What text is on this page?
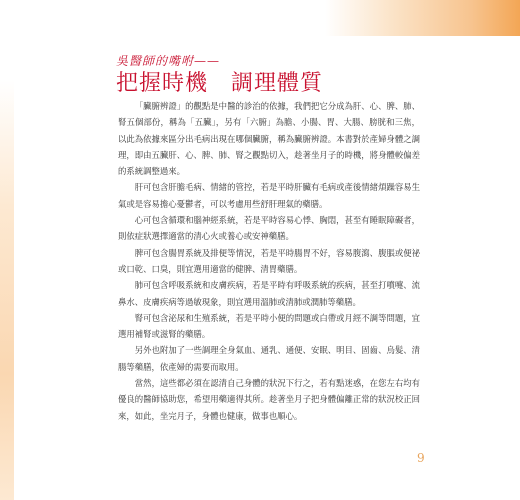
吳醫師的嘴咐——
把握時機　調理體質

「臟腑辨證」的觀點是中醫的診治的依據，我們把它分成為肝、心、脾、肺、腎五個部份，稱為「五臟」，另有「六腑」為膽、小腸、胃、大腸、膀胱和三焦，以此為依據來區分出毛病出現在哪個臟腑，稱為臟腑辨證。本書對於產婦身體之調理，即由五臟肝、心、脾、肺、腎之觀點切入，趁著坐月子的時機，將身體較偏差的系統調整過來。

肝可包含肝膽毛病、情緒的管控，若是平時肝臟有毛病或產後情緒煩躁容易生氣或是容易擔心憂鬱者，可以考慮用些舒肝理氣的藥膳。

心可包含循環和腦神經系統，若是平時容易心悸、胸悶，甚至有睡眠障礙者，則依症狀選擇適當的清心火或養心或安神藥膳。

脾可包含腸胃系統及排便等情況，若是平時腸胃不好，容易腹瀉、腹脹或便祕或口乾、口臭，則宜選用適當的健脾、清胃藥膳。

肺可包含呼吸系統和皮膚疾病，若是平時有呼吸系統的疾病，甚至打噴嚏、流鼻水、皮膚疾病等過敏現象，則宜選用溫肺或清肺或潤肺等藥膳。

腎可包含泌尿和生殖系統，若是平時小便的問題或白帶或月經不調等問題，宜選用補腎或滋腎的藥膳。

另外也附加了一些調理全身氣血、通乳、通便、安眠、明目、固齒、烏髮、清腸等藥膳，依產婦的需要而取用。

當然，這些都必須在認清自己身體的狀況下行之，若有點迷惑，在您左右均有優良的醫師協助您，希望用藥適得其所。趁著坐月子把身體偏離正常的狀況校正回來，如此，坐完月子，身體也健康，做事也順心。

9
